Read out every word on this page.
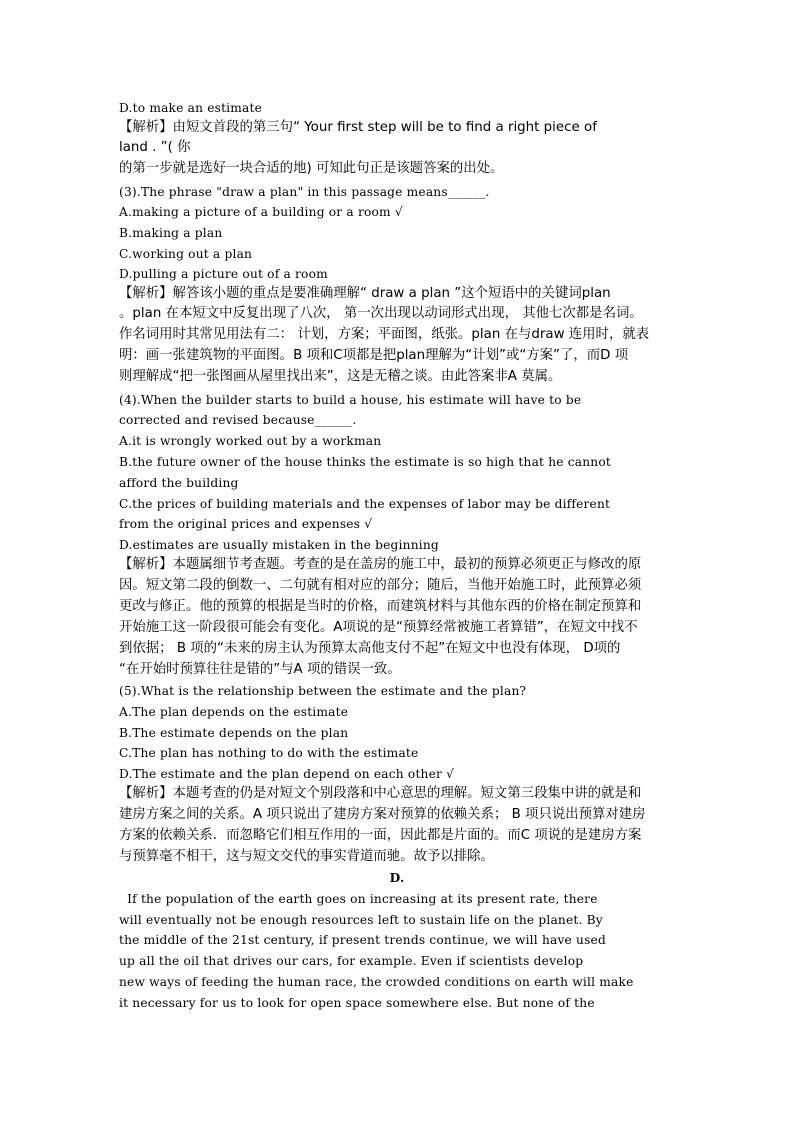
D.to make an estimate
【解析】由短文首段的第三句“ Your first step will be to find a right piece of
land . ”( 你
的第一步就是选好一块合适的地) 可知此句正是该题答案的出处。
(3).The phrase "draw a plan" in this passage means______.
A.making a picture of a building or a room √
B.making a plan
C.working out a plan
D.pulling a picture out of a room
【解析】解答该小题的重点是要准确理解“ draw a plan ”这个短语中的关键词plan
。plan 在本短文中反复出现了八次， 第一次出现以动词形式出现， 其他七次都是名词。
作名词用时其常见用法有二： 计划，方案；平面图，纸张。plan 在与draw 连用时，就表
明：画一张建筑物的平面图。B 项和C项都是把plan理解为“计划”或“方案”了，而D 项
则理解成“把一张图画从屋里找出来”，这是无稽之谈。由此答案非A 莫属。
(4).When the builder starts to build a house, his estimate will have to be
corrected and revised because______.
A.it is wrongly worked out by a workman
B.the future owner of the house thinks the estimate is so high that he cannot
afford the building
C.the prices of building materials and the expenses of labor may be different
from the original prices and expenses √
D.estimates are usually mistaken in the beginning
【解析】本题属细节考查题。考查的是在盖房的施工中，最初的预算必须更正与修改的原
因。短文第二段的倒数一、二句就有相对应的部分；随后，当他开始施工时，此预算必须
更改与修正。他的预算的根据是当时的价格，而建筑材料与其他东西的价格在制定预算和
开始施工这一阶段很可能会有变化。A项说的是“预算经常被施工者算错”，在短文中找不
到依据； B 项的“未来的房主认为预算太高他支付不起”在短文中也没有体现， D项的
“在开始时预算往往是错的”与A 项的错误一致。
(5).What is the relationship between the estimate and the plan?
A.The plan depends on the estimate
B.The estimate depends on the plan
C.The plan has nothing to do with the estimate
D.The estimate and the plan depend on each other √
【解析】本题考查的仍是对短文个别段落和中心意思的理解。短文第三段集中讲的就是和
建房方案之间的关系。A 项只说出了建房方案对预算的依赖关系； B 项只说出预算对建房
方案的依赖关系．而忽略它们相互作用的一面，因此都是片面的。而C 项说的是建房方案
与预算毫不相干，这与短文交代的事实背道而驰。故予以排除。
D.
If the population of the earth goes on increasing at its present rate, there
will eventually not be enough resources left to sustain life on the planet. By
the middle of the 21st century, if present trends continue, we will have used
up all the oil that drives our cars, for example. Even if scientists develop
new ways of feeding the human race, the crowded conditions on earth will make
it necessary for us to look for open space somewhere else. But none of the
